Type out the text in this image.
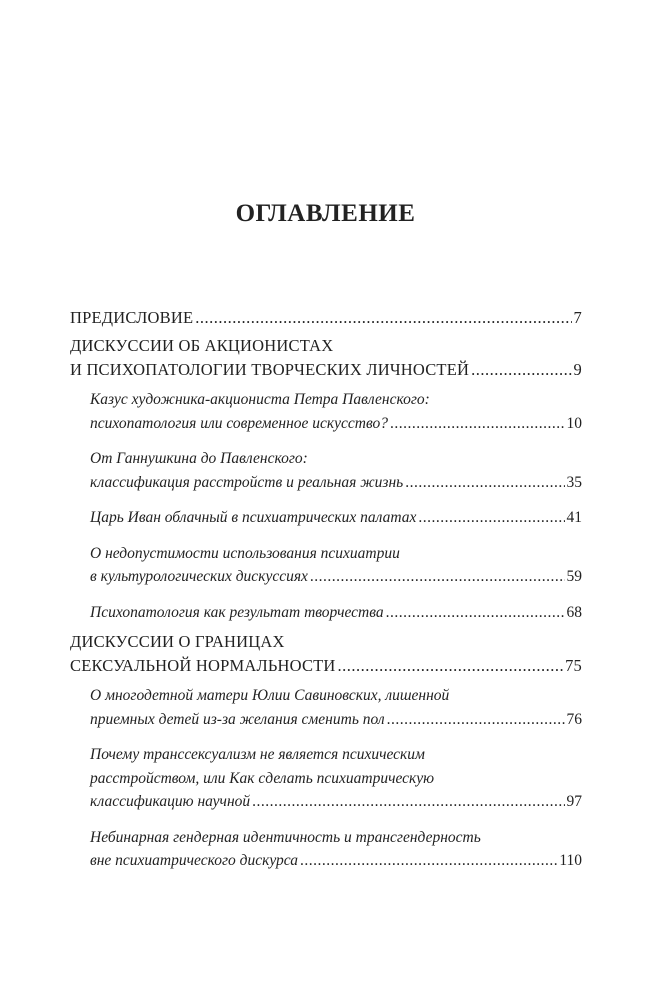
ОГЛАВЛЕНИЕ
ПРЕДИСЛОВИЕ .....	7
ДИСКУССИИ ОБ АКЦИОНИСТАХ
И ПСИХОПАТОЛОГИИ ТВОРЧЕСКИХ ЛИЧНОСТЕЙ .....	9
Казус художника-акциониста Петра Павленского:
психопатология или современное искусство? .....	10
От Ганнушкина до Павленского:
классификация расстройств и реальная жизнь .....	35
Царь Иван облачный в психиатрических палатах .....	41
О недопустимости использования психиатрии
в культурологических дискуссиях .....	59
Психопатология как результат творчества .....	68
ДИСКУССИИ О ГРАНИЦАХ
СЕКСУАЛЬНОЙ НОРМАЛЬНОСТИ .....	75
О многодетной матери Юлии Савиновских, лишенной
приемных детей из-за желания сменить пол .....	76
Почему транссексуализм не является психическим
расстройством, или Как сделать психиатрическую
классификацию научной .....	97
Небинарная гендерная идентичность и трансгендерность
вне психиатрического дискурса .....	110
